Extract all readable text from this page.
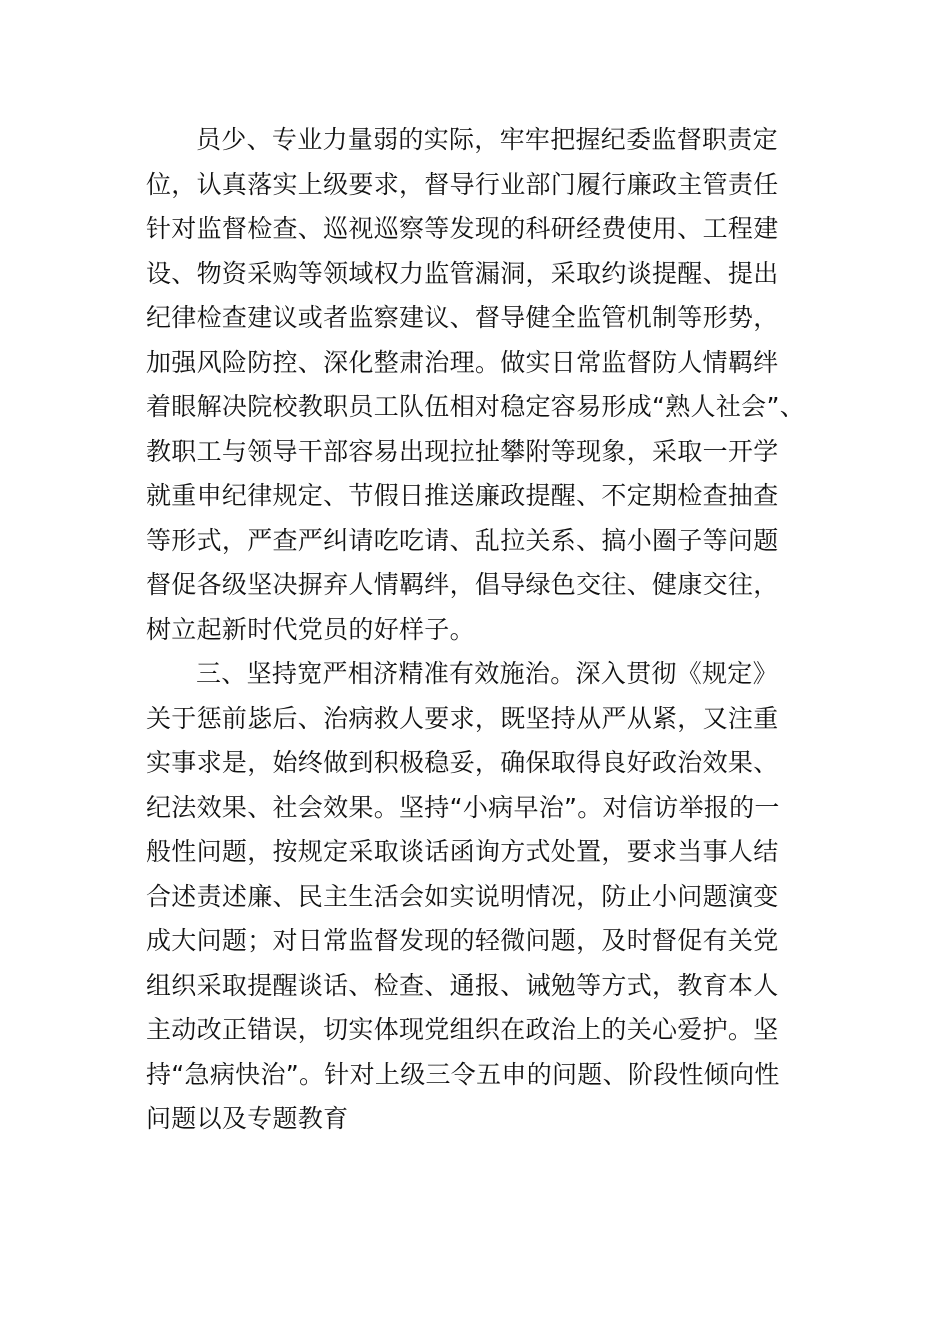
员少、专业力量弱的实际，牢牢把握纪委监督职责定
位，认真落实上级要求，督导行业部门履行廉政主管责任
针对监督检查、巡视巡察等发现的科研经费使用、工程建
设、物资采购等领域权力监管漏洞，采取约谈提醒、提出
纪律检查建议或者监察建议、督导健全监管机制等形势，
加强风险防控、深化整肃治理。做实日常监督防人情羁绊
着眼解决院校教职员工队伍相对稳定容易形成“熟人社会”、
教职工与领导干部容易出现拉扯攀附等现象，采取一开学
就重申纪律规定、节假日推送廉政提醒、不定期检查抽查
等形式，严查严纠请吃吃请、乱拉关系、搞小圈子等问题
督促各级坚决摒弃人情羁绊，倡导绿色交往、健康交往，
树立起新时代党员的好样子。
三、坚持宽严相济精准有效施治。深入贯彻《规定》
关于惩前毖后、治病救人要求，既坚持从严从紧，又注重
实事求是，始终做到积极稳妥，确保取得良好政治效果、
纪法效果、社会效果。坚持“小病早治”。对信访举报的一
般性问题，按规定采取谈话函询方式处置，要求当事人结
合述责述廉、民主生活会如实说明情况，防止小问题演变
成大问题；对日常监督发现的轻微问题，及时督促有关党
组织采取提醒谈话、检查、通报、诫勉等方式，教育本人
主动改正错误，切实体现党组织在政治上的关心爱护。坚
持“急病快治”。针对上级三令五申的问题、阶段性倾向性
问题以及专题教育
